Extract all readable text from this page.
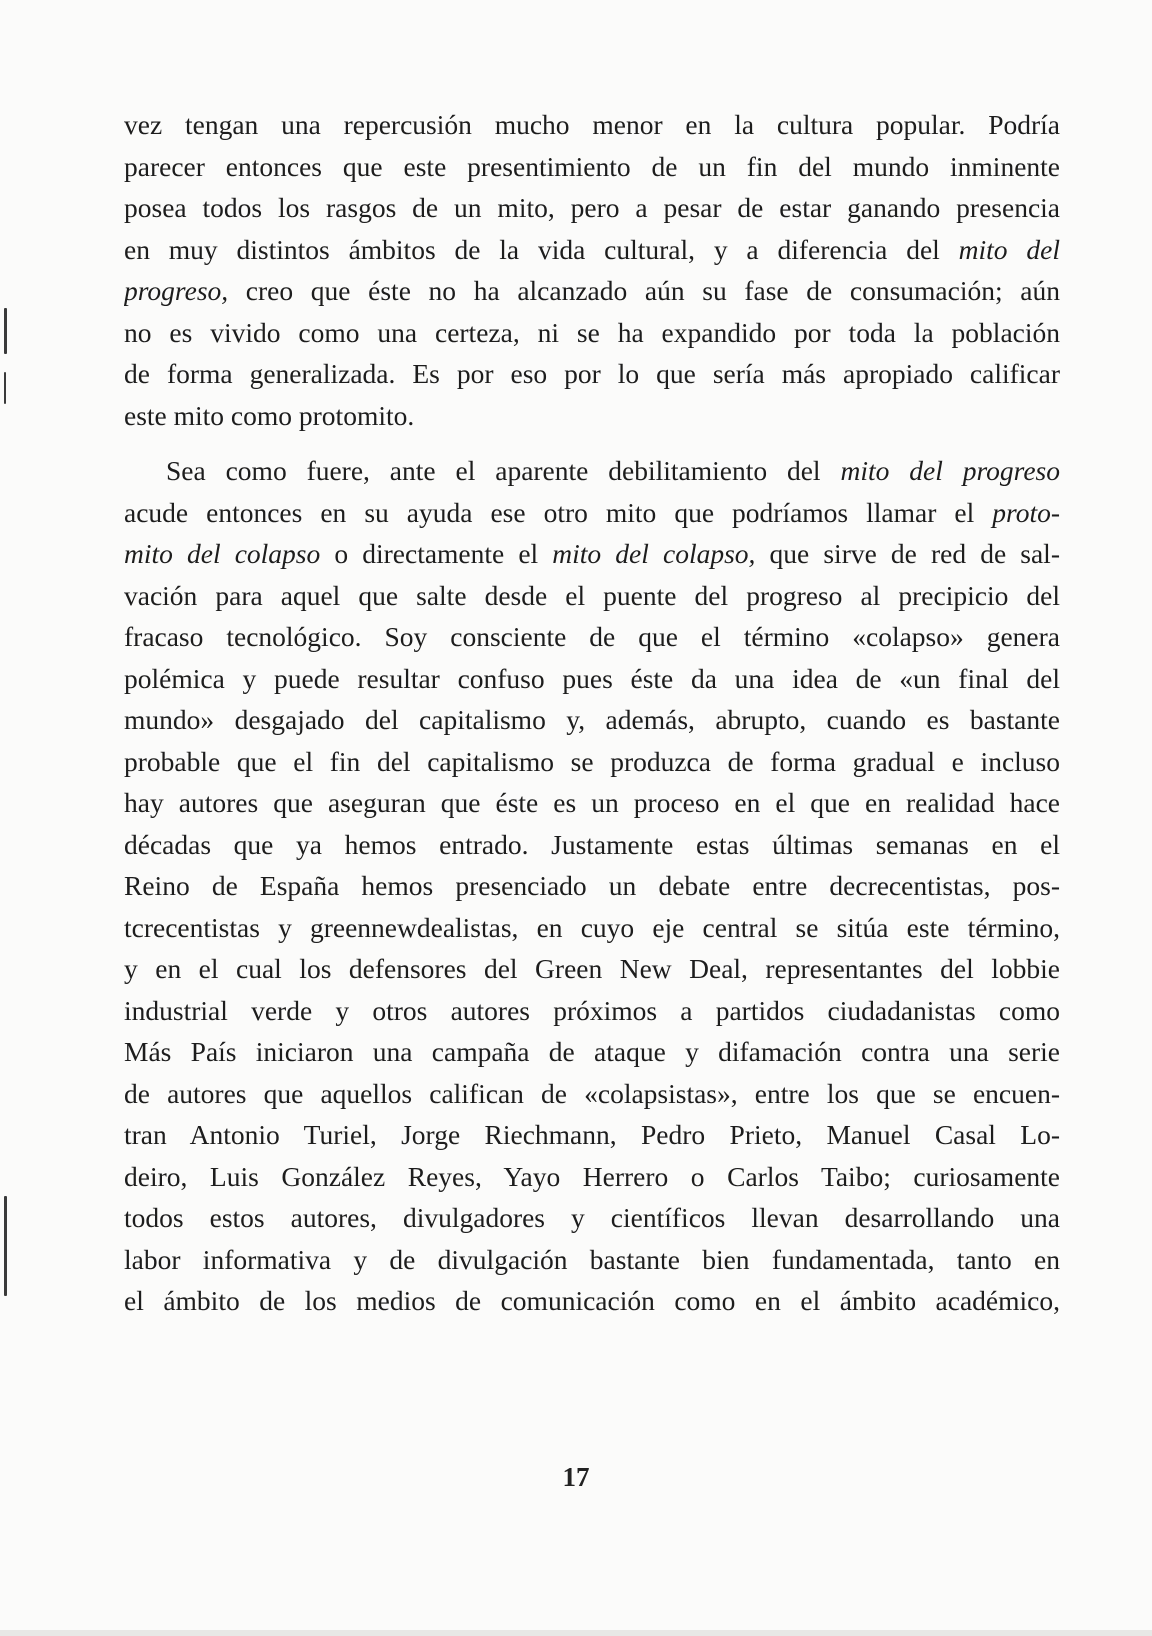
vez tengan una repercusión mucho menor en la cultura popular. Podría
parecer entonces que este presentimiento de un fin del mundo inminente
posea todos los rasgos de un mito, pero a pesar de estar ganando presencia
en muy distintos ámbitos de la vida cultural, y a diferencia del mito del
progreso, creo que éste no ha alcanzado aún su fase de consumación; aún
no es vivido como una certeza, ni se ha expandido por toda la población
de forma generalizada. Es por eso por lo que sería más apropiado calificar
este mito como protomito.
Sea como fuere, ante el aparente debilitamiento del mito del progreso
acude entonces en su ayuda ese otro mito que podríamos llamar el proto-
mito del colapso o directamente el mito del colapso, que sirve de red de sal-
vación para aquel que salte desde el puente del progreso al precipicio del
fracaso tecnológico. Soy consciente de que el término «colapso» genera
polémica y puede resultar confuso pues éste da una idea de «un final del
mundo» desgajado del capitalismo y, además, abrupto, cuando es bastante
probable que el fin del capitalismo se produzca de forma gradual e incluso
hay autores que aseguran que éste es un proceso en el que en realidad hace
décadas que ya hemos entrado. Justamente estas últimas semanas en el
Reino de España hemos presenciado un debate entre decrecentistas, pos-
tcrecentistas y greennewdealistas, en cuyo eje central se sitúa este término,
y en el cual los defensores del Green New Deal, representantes del lobbie
industrial verde y otros autores próximos a partidos ciudadanistas como
Más País iniciaron una campaña de ataque y difamación contra una serie
de autores que aquellos califican de «colapsistas», entre los que se encuen-
tran Antonio Turiel, Jorge Riechmann, Pedro Prieto, Manuel Casal Lo-
deiro, Luis González Reyes, Yayo Herrero o Carlos Taibo; curiosamente
todos estos autores, divulgadores y científicos llevan desarrollando una
labor informativa y de divulgación bastante bien fundamentada, tanto en
el ámbito de los medios de comunicación como en el ámbito académico,
17
